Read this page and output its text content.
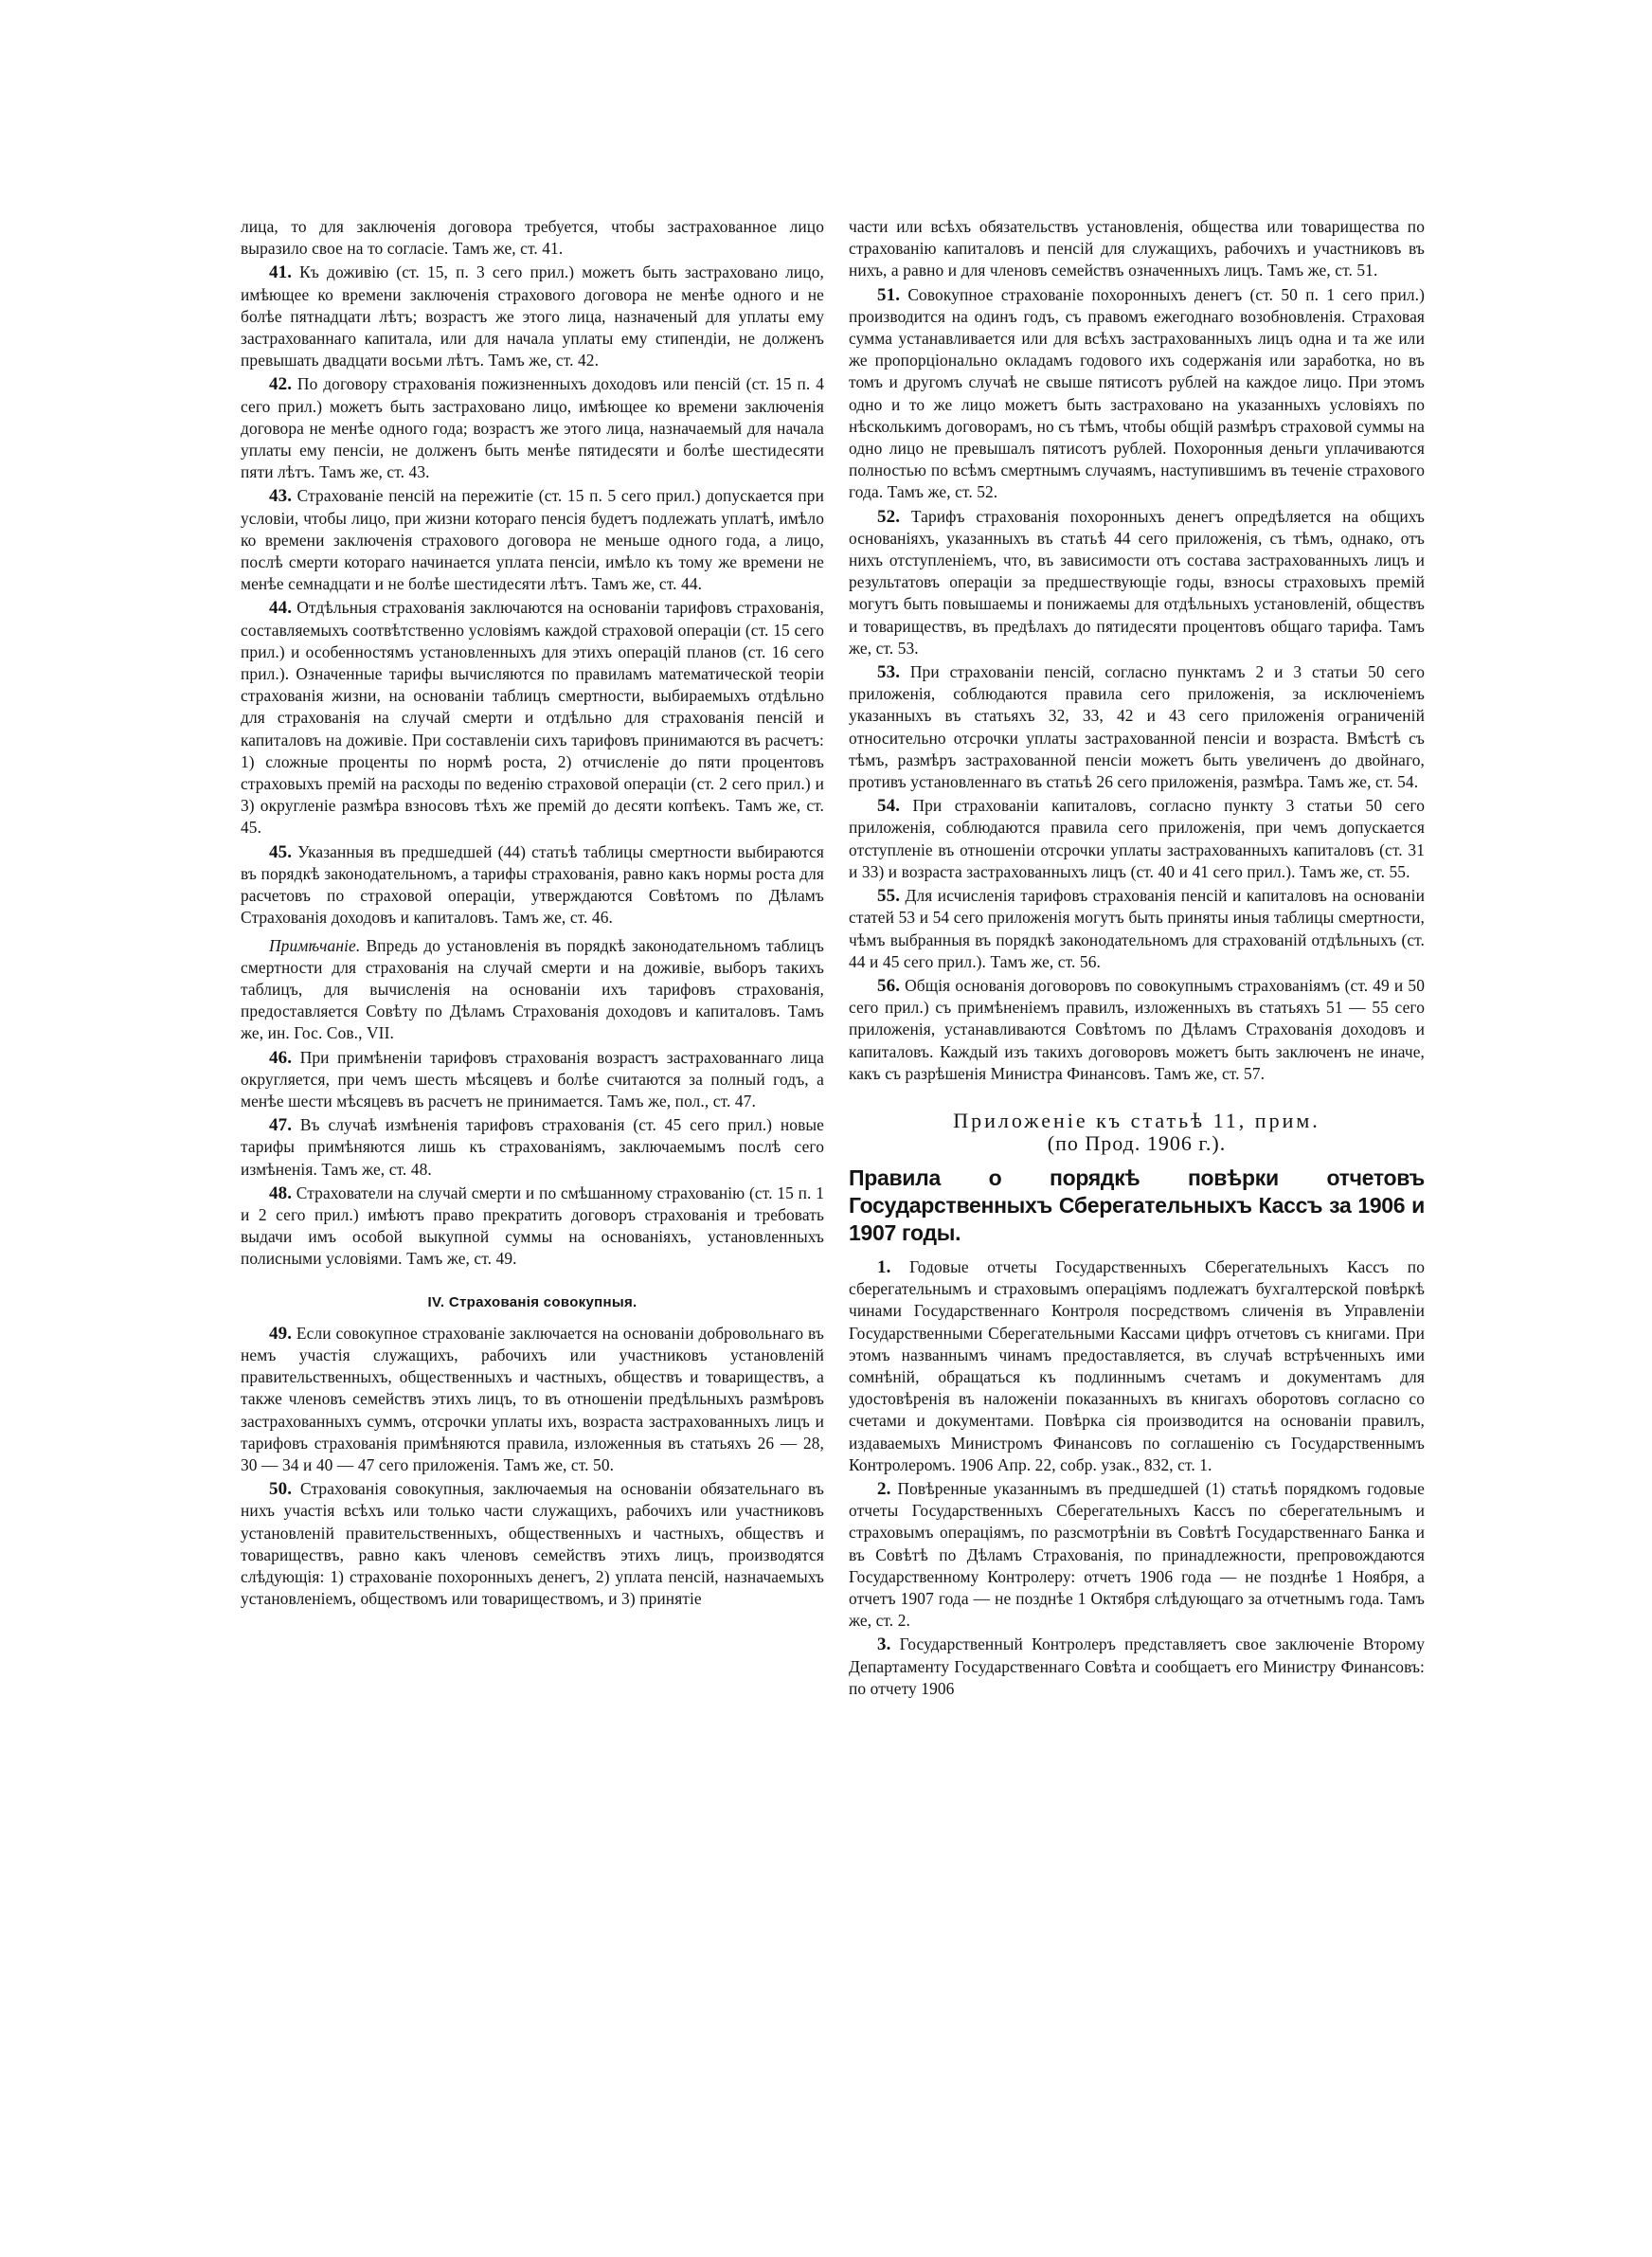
лица, то для заключенія договора требуется, чтобы застрахованное лицо выразило свое на то согласіе. Тамъ же, ст. 41.

41. Къ доживію (ст. 15, п. 3 сего прил.) можетъ быть застраховано лицо, имѣющее ко времени заключенія страхового договора не менѣе одного и не болѣе пятнадцати лѣтъ; возрастъ же этого лица, назначеный для уплаты ему застрахованнаго капитала, или для начала уплаты ему стипендіи, не долженъ превышать двадцати восьми лѣтъ. Тамъ же, ст. 42.

42. По договору страхованія пожизненныхъ доходовъ или пенсій (ст. 15 п. 4 сего прил.) можетъ быть застраховано лицо, имѣющее ко времени заключенія договора не менѣе одного года; возрастъ же этого лица, назначаемый для начала уплаты ему пенсіи, не долженъ быть менѣе пятидесяти и болѣе шестидесяти пяти лѣтъ. Тамъ же, ст. 43.

43. Страхованіе пенсій на пережитіе (ст. 15 п. 5 сего прил.) допускается при условіи, чтобы лицо, при жизни котораго пенсія будетъ подлежать уплатѣ, имѣло ко времени заключенія страхового договора не меньше одного года, а лицо, послѣ смерти котораго начинается уплата пенсіи, имѣло къ тому же времени не менѣе семнадцати и не болѣе шестидесяти лѣтъ. Тамъ же, ст. 44.

44. Отдѣльныя страхованія заключаются на основаніи тарифовъ страхованія, составляемыхъ соотвѣтственно условіямъ каждой страховой операціи (ст. 15 сего прил.) и особенностямъ установленныхъ для этихъ операцій планов (ст. 16 сего прил.). Означенные тарифы вычисляются по правиламъ математической теоріи страхованія жизни, на основаніи таблицъ смертности, выбираемыхъ отдѣльно для страхованія на случай смерти и отдѣльно для страхованія пенсій и капиталовъ на доживіе. При составленіи сихъ тарифовъ принимаются въ расчетъ: 1) сложные проценты по нормѣ роста, 2) отчисленіе до пяти процентовъ страховыхъ премій на расходы по веденію страховой операціи (ст. 2 сего прил.) и 3) округленіе размѣра взносовъ тѣхъ же премій до десяти копѣекъ. Тамъ же, ст. 45.

45. Указанныя въ предшедшей (44) статьѣ таблицы смертности выбираются въ порядкѣ законодательномъ, а тарифы страхованія, равно какъ нормы роста для расчетовъ по страховой операціи, утверждаются Совѣтомъ по Дѣламъ Страхованія доходовъ и капиталовъ. Тамъ же, ст. 46.

Примѣчаніе. Впредь до установленія въ порядкѣ законодательномъ таблицъ смертности для страхованія на случай смерти и на доживіе, выборъ такихъ таблицъ, для вычисленія на основаніи ихъ тарифовъ страхованія, предоставляется Совѣту по Дѣламъ Страхованія доходовъ и капиталовъ. Тамъ же, ин. Гос. Сов., VII.

46. При примѣненіи тарифовъ страхованія возрастъ застрахованнаго лица округляется, при чемъ шесть мѣсяцевъ и болѣе считаются за полный годъ, а менѣе шести мѣсяцевъ въ расчетъ не принимается. Тамъ же, пол., ст. 47.

47. Въ случаѣ измѣненія тарифовъ страхованія (ст. 45 сего прил.) новые тарифы примѣняются лишь къ страхованіямъ, заключаемымъ послѣ сего измѣненія. Тамъ же, ст. 48.

48. Страхователи на случай смерти и по смѣшанному страхованію (ст. 15 п. 1 и 2 сего прил.) имѣютъ право прекратить договоръ страхованія и требовать выдачи имъ особой выкупной суммы на основаніяхъ, установленныхъ полисными условіями. Тамъ же, ст. 49.

IV. Страхованія совокупныя.

49. Если совокупное страхованіе заключается на основаніи добровольнаго въ немъ участія служащихъ, рабочихъ или участниковъ установленій правительственныхъ, общественныхъ и частныхъ, обществъ и товариществъ, а также членовъ семействъ этихъ лицъ, то въ отношеніи предѣльныхъ размѣровъ застрахованныхъ суммъ, отсрочки уплаты ихъ, возраста застрахованныхъ лицъ и тарифовъ страхованія примѣняются правила, изложенныя въ статьяхъ 26 — 28, 30 — 34 и 40 — 47 сего приложенія. Тамъ же, ст. 50.

50. Страхованія совокупныя, заключаемыя на основаніи обязательнаго въ нихъ участія всѣхъ или только части служащихъ, рабочихъ или участниковъ установленій правительственныхъ, общественныхъ и частныхъ, обществъ и товариществъ, равно какъ членовъ семействъ этихъ лицъ, производятся слѣдующія: 1) страхованіе похоронныхъ денегъ, 2) уплата пенсій, назначаемыхъ установленіемъ, обществомъ или товариществомъ, и 3) принятіе

части или всѣхъ обязательствъ установленія, общества или товарищества по страхованію капиталовъ и пенсій для служащихъ, рабочихъ и участниковъ въ нихъ, а равно и для членовъ семействъ означенныхъ лицъ. Тамъ же, ст. 51.

51. Совокупное страхованіе похоронныхъ денегъ (ст. 50 п. 1 сего прил.) производится на одинъ годъ, съ правомъ ежегоднаго возобновленія. Страховая сумма устанавливается или для всѣхъ застрахованныхъ лицъ одна и та же или же пропорціонально окладамъ годового ихъ содержанія или заработка, но въ томъ и другомъ случаѣ не свыше пятисотъ рублей на каждое лицо. При этомъ одно и то же лицо можетъ быть застраховано на указанныхъ условіяхъ по нѣсколькимъ договорамъ, но съ тѣмъ, чтобы общій размѣръ страховой суммы на одно лицо не превышалъ пятисотъ рублей. Похоронныя деньги уплачиваются полностью по всѣмъ смертнымъ случаямъ, наступившимъ въ теченіе страхового года. Тамъ же, ст. 52.

52. Тарифъ страхованія похоронныхъ денегъ опредѣляется на общихъ основаніяхъ, указанныхъ въ статьѣ 44 сего приложенія, съ тѣмъ, однако, отъ нихъ отступленіемъ, что, въ зависимости отъ состава застрахованныхъ лицъ и результатовъ операціи за предшествующіе годы, взносы страховыхъ премій могутъ быть повышаемы и понижаемы для отдѣльныхъ установленій, обществъ и товариществъ, въ предѣлахъ до пятидесяти процентовъ общаго тарифа. Тамъ же, ст. 53.

53. При страхованіи пенсій, согласно пунктамъ 2 и 3 статьи 50 сего приложенія, соблюдаются правила сего приложенія, за исключеніемъ указанныхъ въ статьяхъ 32, 33, 42 и 43 сего приложенія ограниченій относительно отсрочки уплаты застрахованной пенсіи и возраста. Вмѣстѣ съ тѣмъ, размѣръ застрахованной пенсіи можетъ быть увеличенъ до двойнаго, противъ установленнаго въ статьѣ 26 сего приложенія, размѣра. Тамъ же, ст. 54.

54. При страхованіи капиталовъ, согласно пункту 3 статьи 50 сего приложенія, соблюдаются правила сего приложенія, при чемъ допускается отступленіе въ отношеніи отсрочки уплаты застрахованныхъ капиталовъ (ст. 31 и 33) и возраста застрахованныхъ лицъ (ст. 40 и 41 сего прил.). Тамъ же, ст. 55.

55. Для исчисленія тарифовъ страхованія пенсій и капиталовъ на основаніи статей 53 и 54 сего приложенія могутъ быть приняты иныя таблицы смертности, чѣмъ выбранныя въ порядкѣ законодательномъ для страхованій отдѣльныхъ (ст. 44 и 45 сего прил.). Тамъ же, ст. 56.

56. Общія основанія договоровъ по совокупнымъ страхованіямъ (ст. 49 и 50 сего прил.) съ примѣненіемъ правилъ, изложенныхъ въ статьяхъ 51 — 55 сего приложенія, устанавливаются Совѣтомъ по Дѣламъ Страхованія доходовъ и капиталовъ. Каждый изъ такихъ договоровъ можетъ быть заключенъ не иначе, какъ съ разрѣшенія Министра Финансовъ. Тамъ же, ст. 57.

Приложеніе къ статьѣ 11, прим.
(по Прод. 1906 г.).
Правила о порядкѣ повѣрки отчетовъ Государственныхъ Сберегательныхъ Кассъ за 1906 и 1907 годы.

1. Годовые отчеты Государственныхъ Сберегательныхъ Кассъ по сберегательнымъ и страховымъ операціямъ подлежатъ бухгалтерской повѣркѣ чинами Государственнаго Контроля посредствомъ сличенія въ Управленіи Государственными Сберегательными Кассами цифръ отчетовъ съ книгами. При этомъ названнымъ чинамъ предоставляется, въ случаѣ встрѣченныхъ ими сомнѣній, обращаться къ подлиннымъ счетамъ и документамъ для удостовѣренія въ наложеніи показанныхъ въ книгахъ оборотовъ согласно со счетами и документами. Повѣрка сія производится на основаніи правилъ, издаваемыхъ Министромъ Финансовъ по соглашенію съ Государственнымъ Контролеромъ. 1906 Апр. 22, собр. узак., 832, ст. 1.

2. Повѣренные указаннымъ въ предшедшей (1) статьѣ порядкомъ годовые отчеты Государственныхъ Сберегательныхъ Кассъ по сберегательнымъ и страховымъ операціямъ, по разсмотрѣніи въ Совѣтѣ Государственнаго Банка и въ Совѣтѣ по Дѣламъ Страхованія, по принадлежности, препровождаются Государственному Контролеру: отчетъ 1906 года — не позднѣе 1 Ноября, а отчетъ 1907 года — не позднѣе 1 Октября слѣдующаго за отчетнымъ года. Тамъ же, ст. 2.

3. Государственный Контролеръ представляетъ свое заключеніе Второму Департаменту Государственнаго Совѣта и сообщаетъ его Министру Финансовъ: по отчету 1906
